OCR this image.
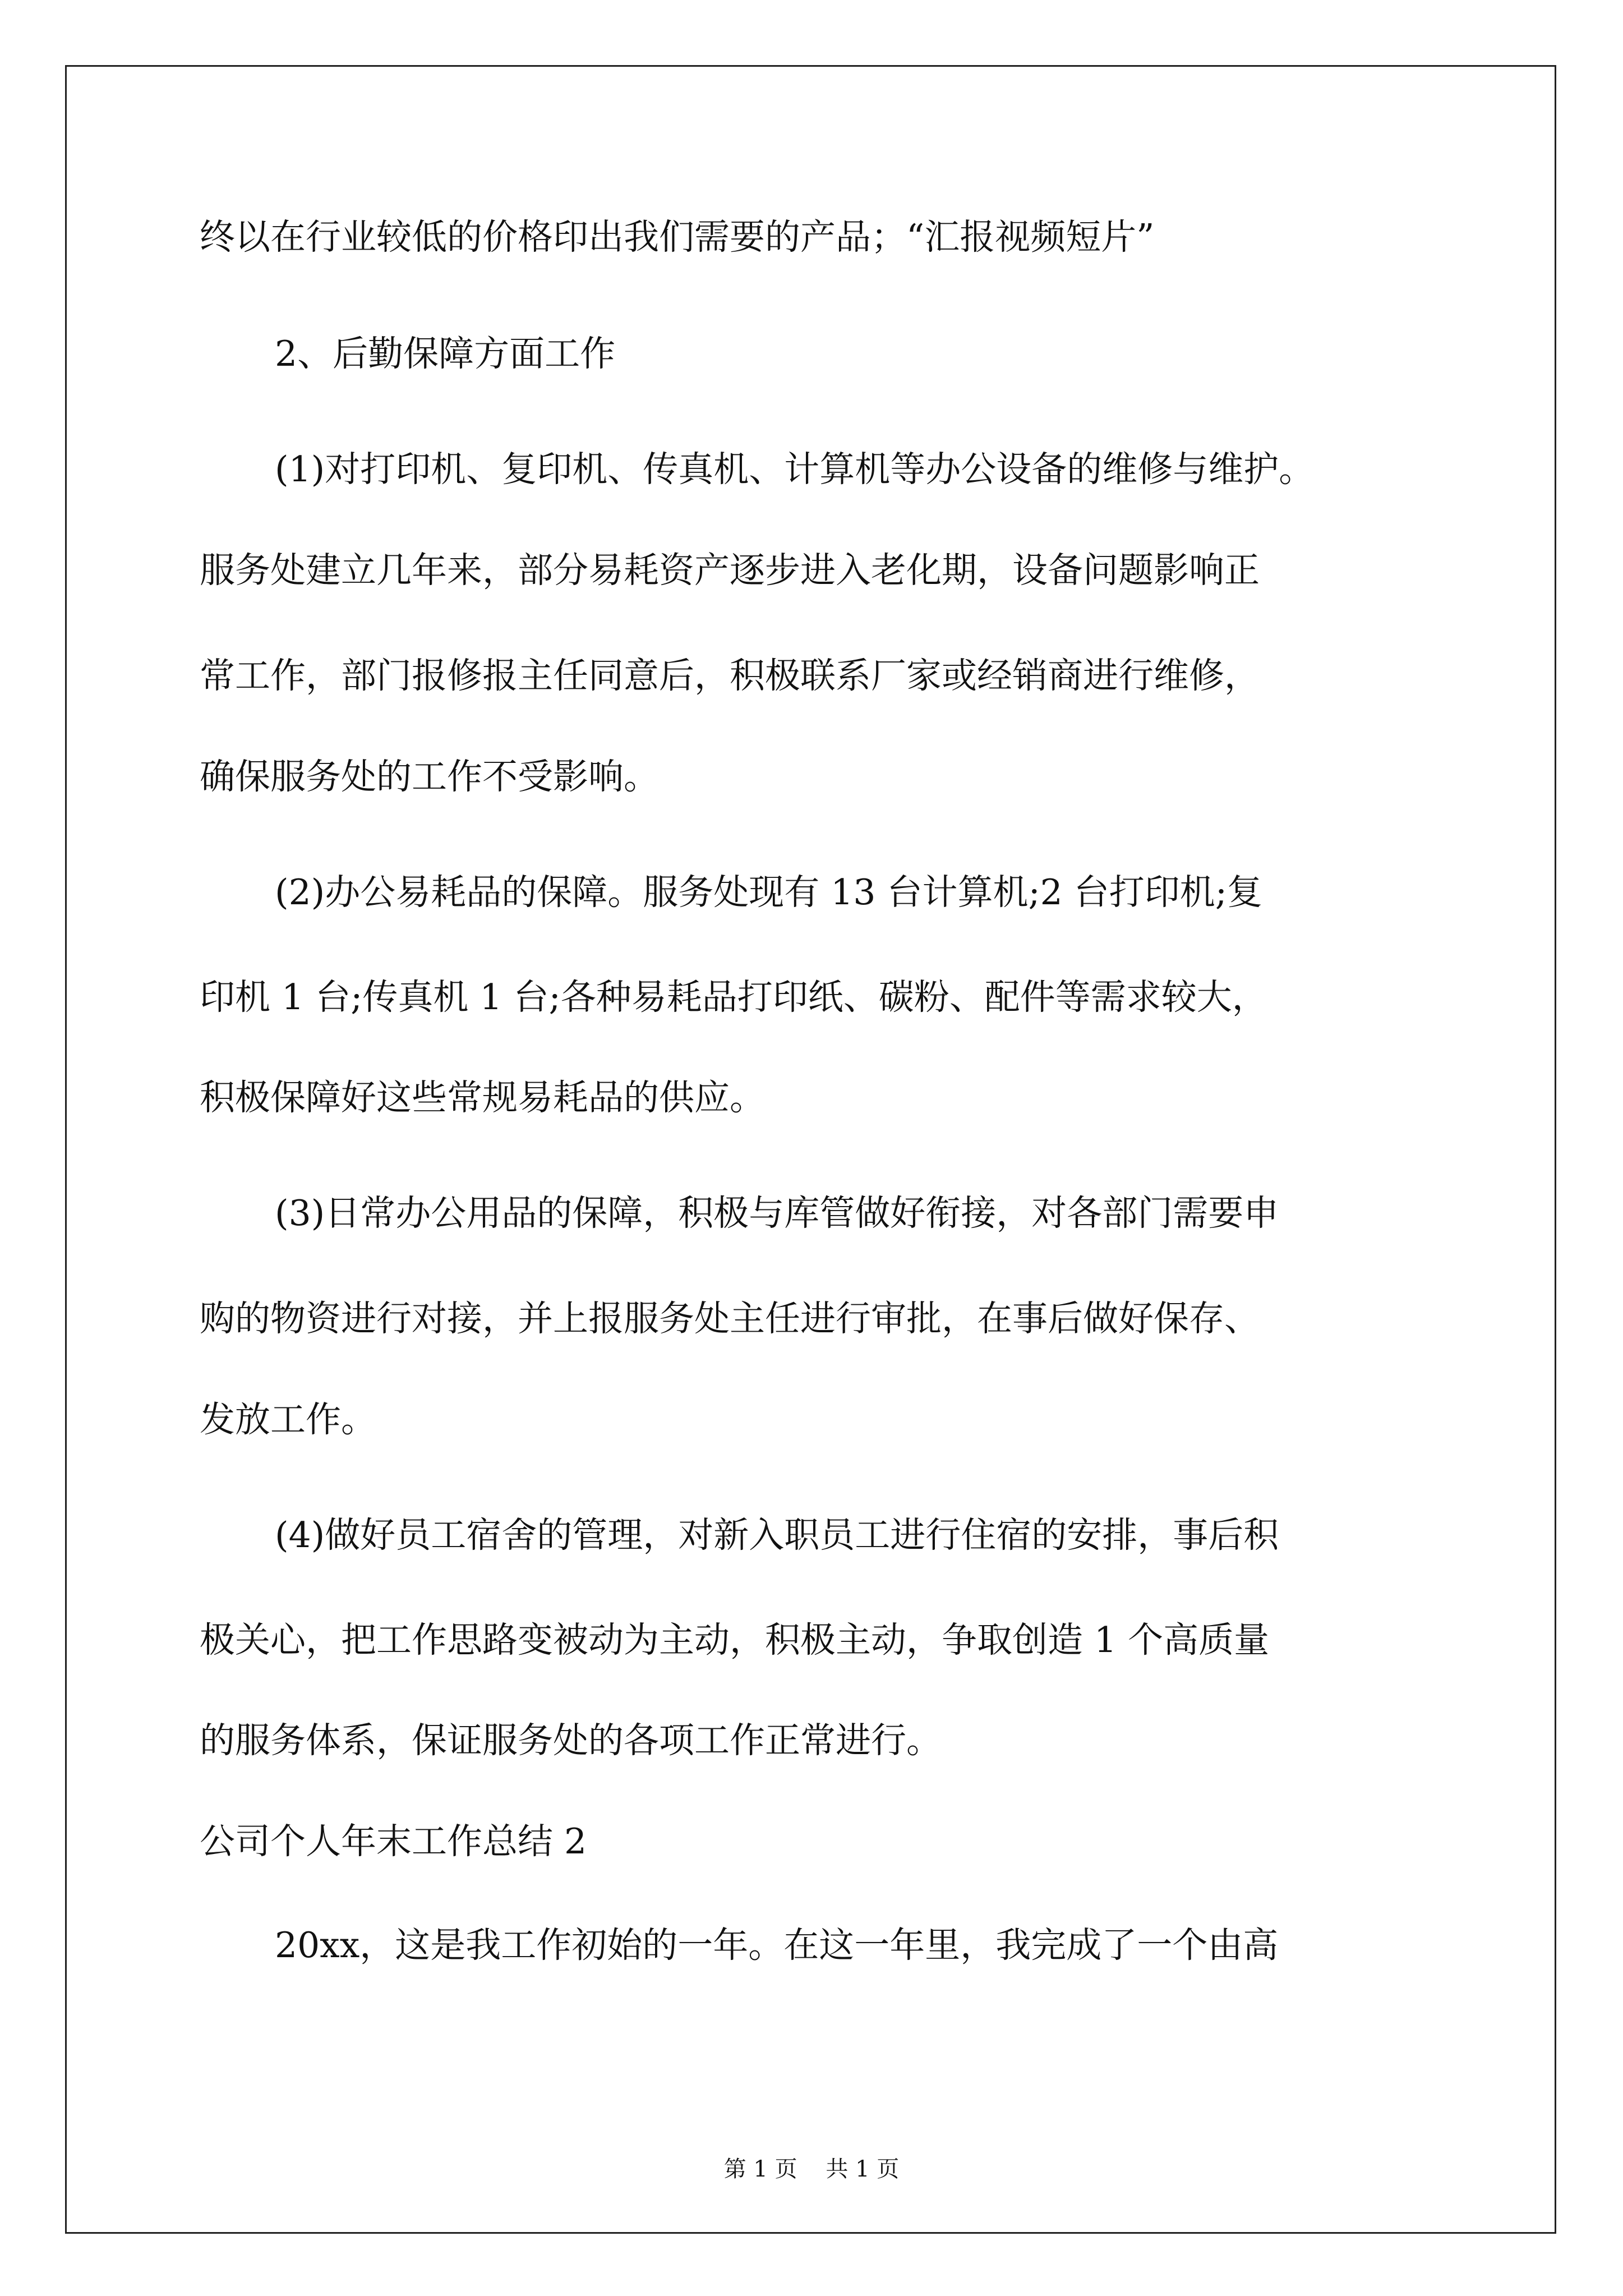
终以在行业较低的价格印出我们需要的产品；“汇报视频短片”

2、后勤保障方面工作

(1)对打印机、复印机、传真机、计算机等办公设备的维修与维护。

服务处建立几年来，部分易耗资产逐步进入老化期，设备问题影响正

常工作，部门报修报主任同意后，积极联系厂家或经销商进行维修，

确保服务处的工作不受影响。

(2)办公易耗品的保障。服务处现有 13 台计算机;2 台打印机;复

印机 1 台;传真机 1 台;各种易耗品打印纸、碳粉、配件等需求较大，

积极保障好这些常规易耗品的供应。

(3)日常办公用品的保障，积极与库管做好衔接，对各部门需要申

购的物资进行对接，并上报服务处主任进行审批，在事后做好保存、

发放工作。

(4)做好员工宿舍的管理，对新入职员工进行住宿的安排，事后积

极关心，把工作思路变被动为主动，积极主动，争取创造 1 个高质量

的服务体系，保证服务处的各项工作正常进行。

公司个人年末工作总结 2

20xx，这是我工作初始的一年。在这一年里，我完成了一个由高

第 1 页    共 1 页
